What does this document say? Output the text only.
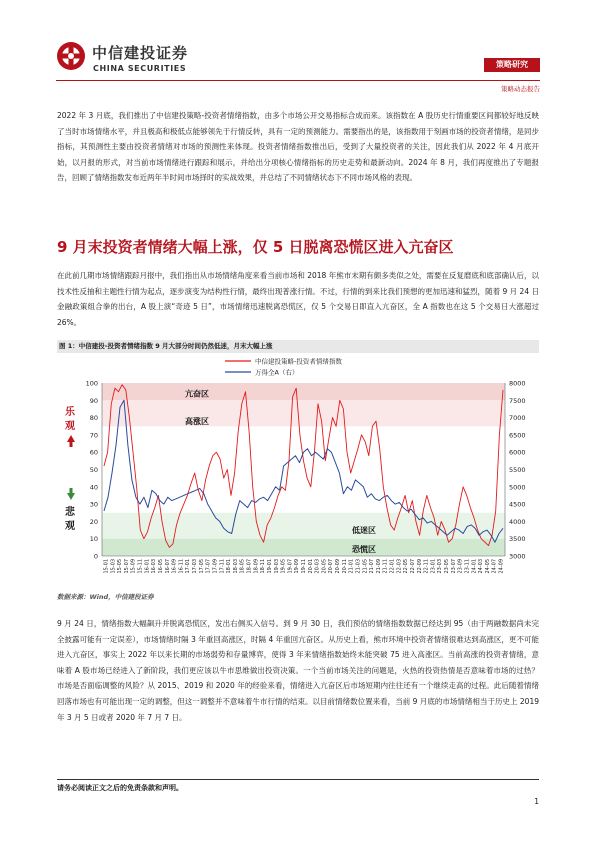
中信建投证券
CHINA SECURITIES	策略研究
策略动态报告

2022 年 3 月底，我们推出了中信建投策略-投资者情绪指数，由多个市场公开交易指标合成而来。该指数在 A 股历史行情重要区间都较好地反映了当时市场情绪水平，并且极高和极低点能够领先于行情反转，具有一定的预测能力。需要指出的是，该指数用于刻画市场的投资者情绪，是同步指标，其预测性主要由投资者情绪对市场的预测性来体现。投资者情绪指数推出后，受到了大量投资者的关注，因此我们从 2022 年 4 月底开始，以月报的形式，对当前市场情绪进行跟踪和展示，并给出分项核心情绪指标的历史走势和最新动向。2024 年 8 月，我们再度推出了专题报告，回顾了情绪指数发布近两年半时间市场择时的实战效果，并总结了不同情绪状态下不同市场风格的表现。

9 月末投资者情绪大幅上涨，仅 5 日脱离恐慌区进入亢奋区

在此前几期市场情绪跟踪月报中，我们指出从市场情绪角度来看当前市场和 2018 年熊市末期有颇多类似之处，需要在反复磨底和底部确认后，以技术性反抽和主题性行情为起点，逐步演变为结构性行情，最终出现普涨行情。不过，行情的到来比我们预想的更加迅速和猛烈，随着 9 月 24 日金融政策组合拳的出台，A 股上演“奇迹 5 日”，市场情绪迅速脱离恐慌区，仅 5 个交易日即直入亢奋区，全 A 指数也在这 5 个交易日大涨超过 26%。

图 1：中信建投-投资者情绪指数 9 月大部分时间仍然低迷，月末大幅上涨
0
10
20
30
40
50
60
70
80
90
100
3000
3500
4000
4500
5000
5500
6000
6500
7000
7500
8000
15-01 15-03 15-05 15-07 15-09 15-11 16-01 16-03 16-05 16-07 16-09 16-11 17-01 17-03 17-05 17-07 17-09 17-11 18-01 18-03 18-05 18-07 18-09 18-11 19-01 19-03 19-05 19-07 19-09 19-11 20-01 20-03 20-05 20-07 20-09 20-11 21-01 21-03 21-05 21-07 21-09 21-11 22-01 22-03 22-05 22-07 22-09 22-11 23-01 23-03 23-05 23-07 23-09 23-11 24-01 24-03 24-05 24-07 24-09
中信建投策略-投资者情绪指数
万得全A（右）
亢奋区
高涨区
低迷区
恐慌区
乐
观
悲
观
数据来源：Wind，中信建投证券

9 月 24 日，情绪指数大幅飙升并脱离恐慌区，发出右侧买入信号。到 9 月 30 日，我们预估的情绪指数数据已经达到 95（由于两融数据尚未完全披露可能有一定误差），市场情绪时隔 3 年重回高涨区，时隔 4 年重回亢奋区。从历史上看，熊市环境中投资者情绪很难达到高涨区，更不可能进入亢奋区，事实上 2022 年以来长期的市场弱势和存量博弈，使得 3 年来情绪指数始终未能突破 75 进入高涨区。当前高涨的投资者情绪，意味着 A 股市场已经进入了新阶段，我们更应该以牛市思维做出投资决策。一个当前市场关注的问题是，火热的投资热情是否意味着市场的过热？市场是否面临调整的风险？从 2015、2019 和 2020 年的经验来看，情绪进入亢奋区后市场短期内往往还有一个继续走高的过程。此后随着情绪回落市场也有可能出现一定的调整，但这一调整并不意味着牛市行情的结束。以目前情绪数位置来看，当前 9 月底的市场情绪相当于历史上 2019 年 3 月 5 日或者 2020 年 7 月 7 日。

请务必阅读正文之后的免责条款和声明。
1
